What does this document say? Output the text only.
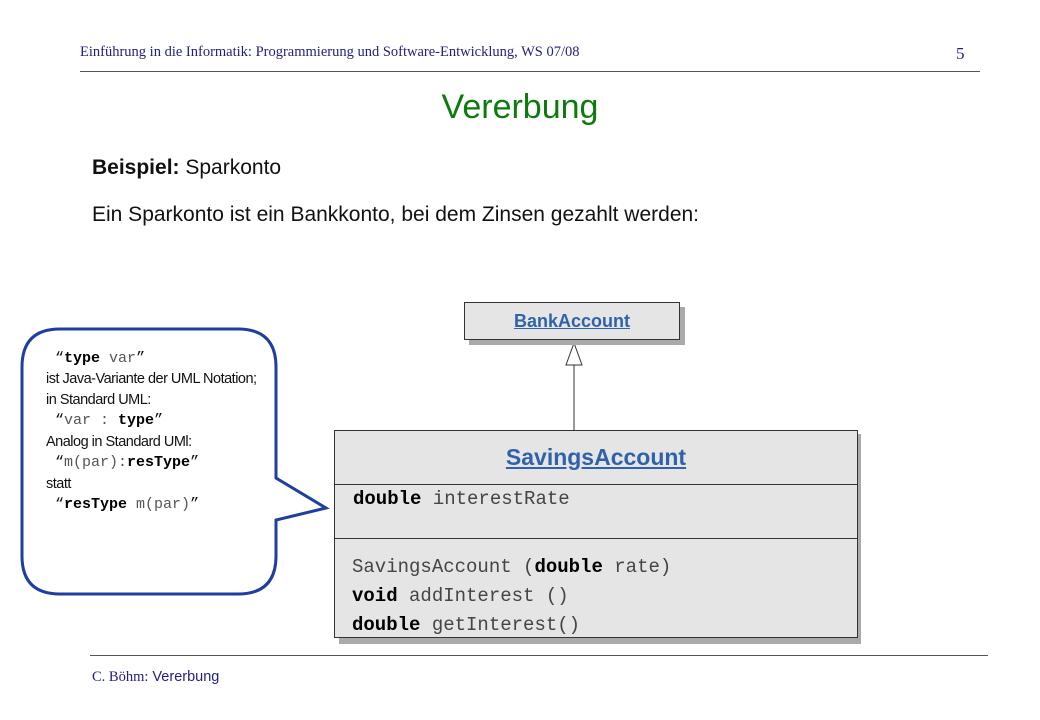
Einführung in die Informatik: Programmierung und Software-Entwicklung, WS 07/08	5
Vererbung
Beispiel: Sparkonto
Ein Sparkonto ist ein Bankkonto, bei dem Zinsen gezahlt werden:
“type var”
ist Java-Variante der UML Notation;
in Standard UML:
“var : type”
Analog in Standard UMl:
“m(par):resType”
statt
“resType m(par)”
BankAccount
SavingsAccount
double interestRate
SavingsAccount (double rate)
void addInterest ()
double getInterest()
C. Böhm: Vererbung
